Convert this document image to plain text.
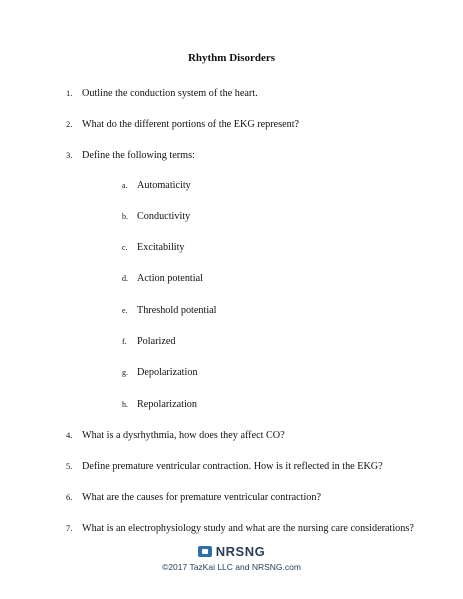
Rhythm Disorders
1. Outline the conduction system of the heart.
2. What do the different portions of the EKG represent?
3. Define the following terms:
a. Automaticity
b. Conductivity
c. Excitability
d. Action potential
e. Threshold potential
f. Polarized
g. Depolarization
h. Repolarization
4. What is a dysrhythmia, how does they affect CO?
5. Define premature ventricular contraction. How is it reflected in the EKG?
6. What are the causes for premature ventricular contraction?
7. What is an electrophysiology study and what are the nursing care considerations?
NRSNG
©2017 TazKai LLC and NRSNG.com
